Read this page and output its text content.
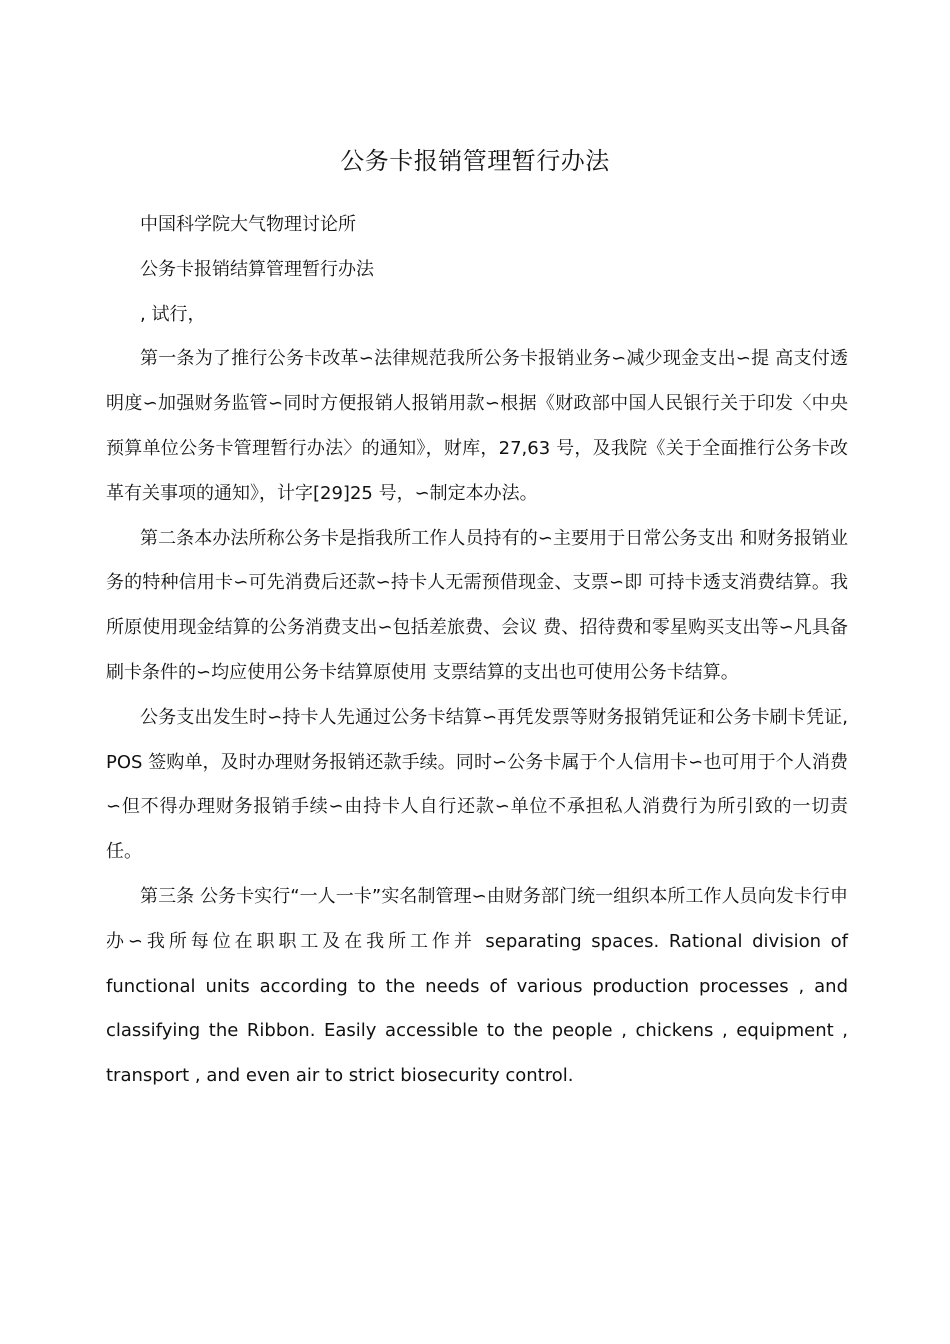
公务卡报销管理暂行办法

中国科学院大气物理讨论所

公务卡报销结算管理暂行办法

, 试行，

第一条为了推行公务卡改革∽法律规范我所公务卡报销业务∽减少现金支出∽提 高支付透明度∽加强财务监管∽同时方便报销人报销用款∽根据《财政部中国人民银行关于印发〈中央预算单位公务卡管理暂行办法〉的通知》，财库，27,63 号，及我院《关于全面推行公务卡改革有关事项的通知》，计字[29]25 号，∽制定本办法。

第二条本办法所称公务卡是指我所工作人员持有的∽主要用于日常公务支出 和财务报销业务的特种信用卡∽可先消费后还款∽持卡人无需预借现金、支票∽即 可持卡透支消费结算。我所原使用现金结算的公务消费支出∽包括差旅费、会议 费、招待费和零星购买支出等∽凡具备刷卡条件的∽均应使用公务卡结算原使用 支票结算的支出也可使用公务卡结算。

公务支出发生时∽持卡人先通过公务卡结算∽再凭发票等财务报销凭证和公务卡刷卡凭证, POS 签购单，及时办理财务报销还款手续。同时∽公务卡属于个人信用卡∽也可用于个人消费∽但不得办理财务报销手续∽由持卡人自行还款∽单位不承担私人消费行为所引致的一切责任。

第三条 公务卡实行“一人一卡”实名制管理∽由财务部门统一组织本所工作人员向发卡行申办∽我所每位在职职工及在我所工作并 separating spaces. Rational division of functional units according to the needs of various production processes , and classifying the Ribbon. Easily accessible to the people , chickens , equipment , transport , and even air to strict biosecurity control.
